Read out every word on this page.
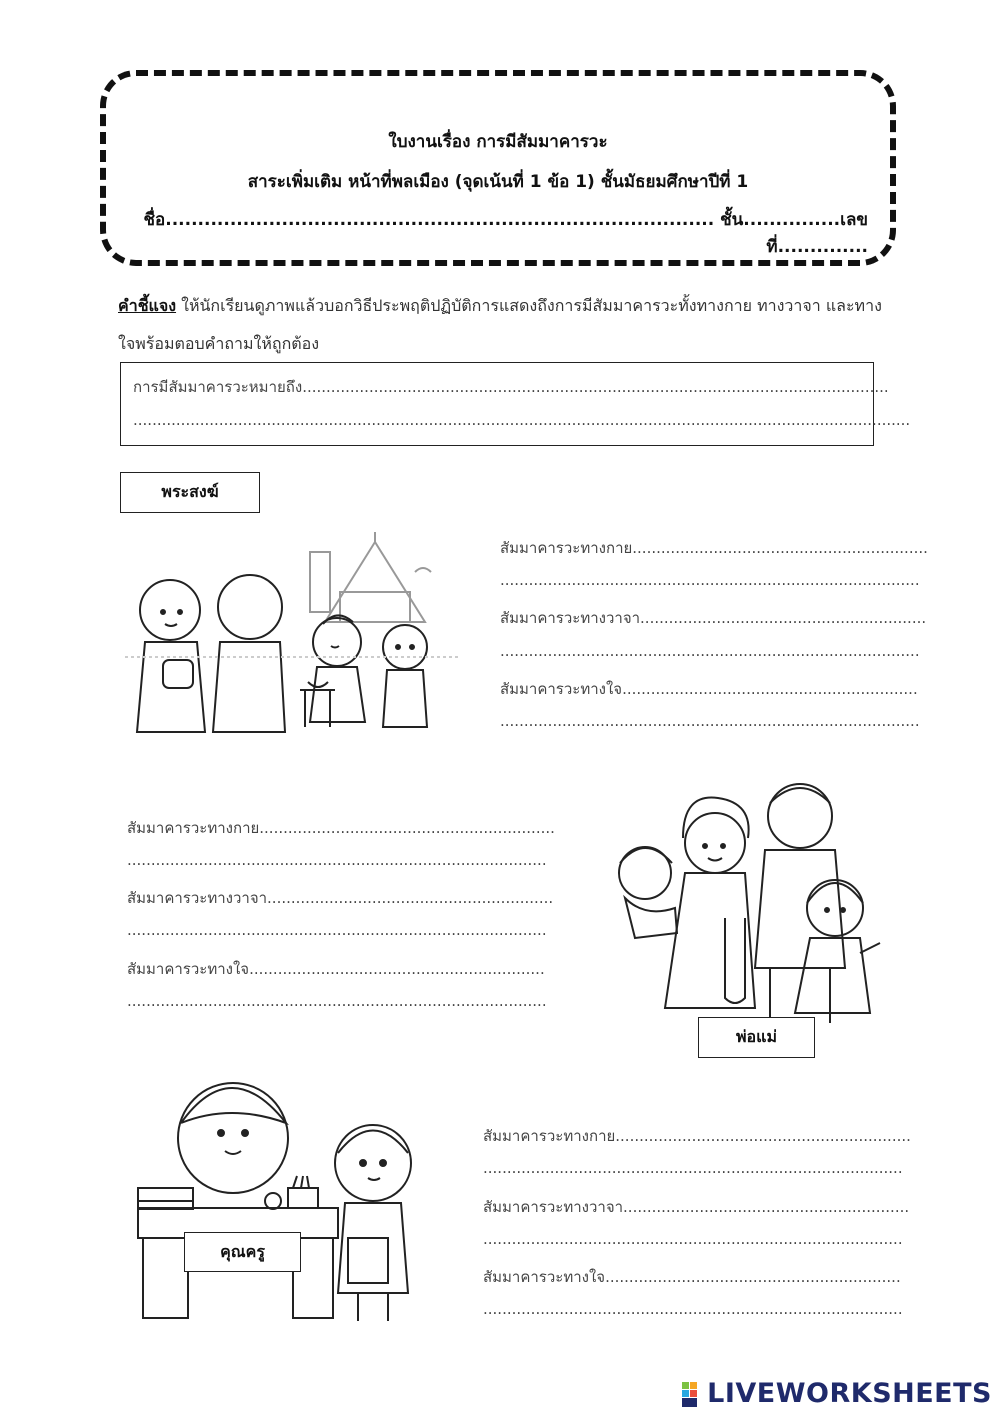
ใบงานเรื่อง การมีสัมมาคารวะ
สาระเพิ่มเติม หน้าที่พลเมือง (จุดเน้นที่ 1 ข้อ 1) ชั้นมัธยมศึกษาปีที่ 1
ชื่อ..................................................................................... ชั้น...............เลขที่..............
คำชี้แจง ให้นักเรียนดูภาพแล้วบอกวิธีประพฤติปฏิบัติการแสดงถึงการมีสัมมาคารวะทั้งทางกาย ทางวาจา และทางใจพร้อมตอบคำถามให้ถูกต้อง
การมีสัมมาคารวะหมายถึง...........................................................................................................................
...................................................................................................................................................................
พระสงฆ์
สัมมาคารวะทางกาย..............................................................
........................................................................................
สัมมาคารวะทางวาจา............................................................
........................................................................................
สัมมาคารวะทางใจ..............................................................
........................................................................................
สัมมาคารวะทางกาย..............................................................
........................................................................................
สัมมาคารวะทางวาจา............................................................
........................................................................................
สัมมาคารวะทางใจ..............................................................
........................................................................................
พ่อแม่
คุณครู
สัมมาคารวะทางกาย..............................................................
........................................................................................
สัมมาคารวะทางวาจา............................................................
........................................................................................
สัมมาคารวะทางใจ..............................................................
........................................................................................
LIVEWORKSHEETS
